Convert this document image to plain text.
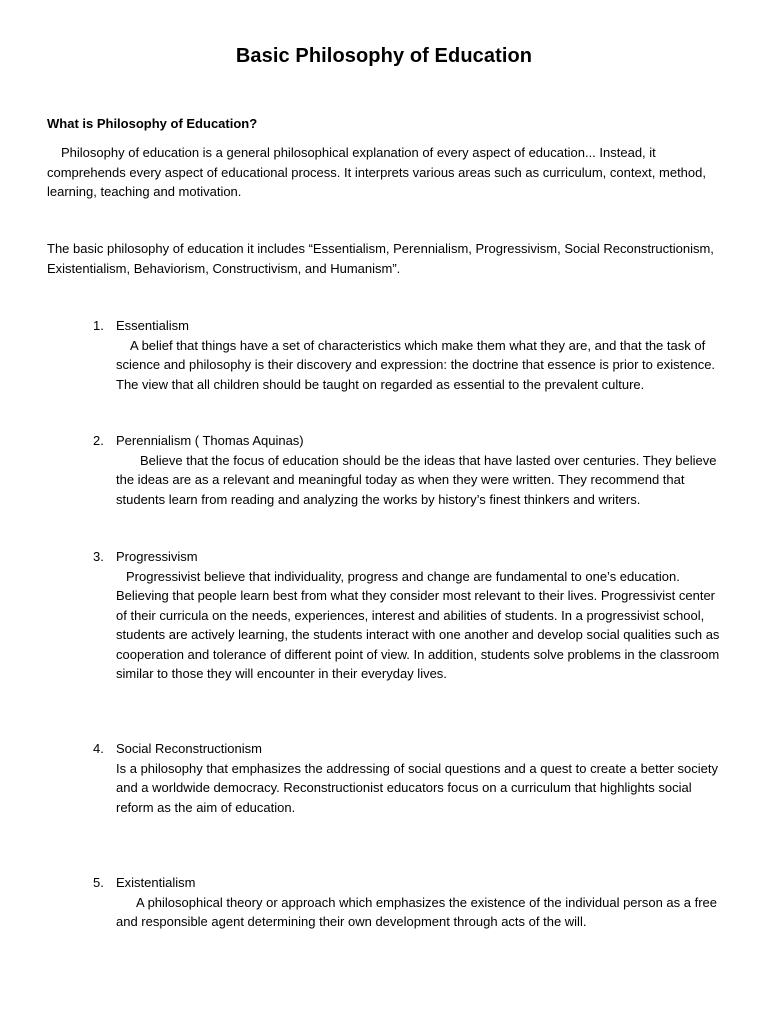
Basic Philosophy of Education
What is Philosophy of Education?
Philosophy of education is a general philosophical explanation of every aspect of education... Instead, it comprehends every aspect of educational process. It interprets various areas such as curriculum, context, method, learning, teaching and motivation.
The basic philosophy of education it includes “Essentialism, Perennialism, Progressivism, Social Reconstructionism, Existentialism, Behaviorism, Constructivism, and Humanism”.
1. Essentialism
A belief that things have a set of characteristics which make them what they are, and that the task of science and philosophy is their discovery and expression: the doctrine that essence is prior to existence. The view that all children should be taught on regarded as essential to the prevalent culture.
2. Perennialism ( Thomas Aquinas)
Believe that the focus of education should be the ideas that have lasted over centuries. They believe the ideas are as a relevant and meaningful today as when they were written. They recommend that students learn from reading and analyzing the works by history’s finest thinkers and writers.
3. Progressivism
Progressivist believe that individuality, progress and change are fundamental to one’s education. Believing that people learn best from what they consider most relevant to their lives. Progressivist center of their curricula on the needs, experiences, interest and abilities of students. In a progressivist school, students are actively learning, the students interact with one another and develop social qualities such as cooperation and tolerance of different point of view. In addition, students solve problems in the classroom similar to those they will encounter in their everyday lives.
4. Social Reconstructionism
Is a philosophy that emphasizes the addressing of social questions and a quest to create a better society and a worldwide democracy. Reconstructionist educators focus on a curriculum that highlights social reform as the aim of education.
5. Existentialism
A philosophical theory or approach which emphasizes the existence of the individual person as a free and responsible agent determining their own development through acts of the will.
